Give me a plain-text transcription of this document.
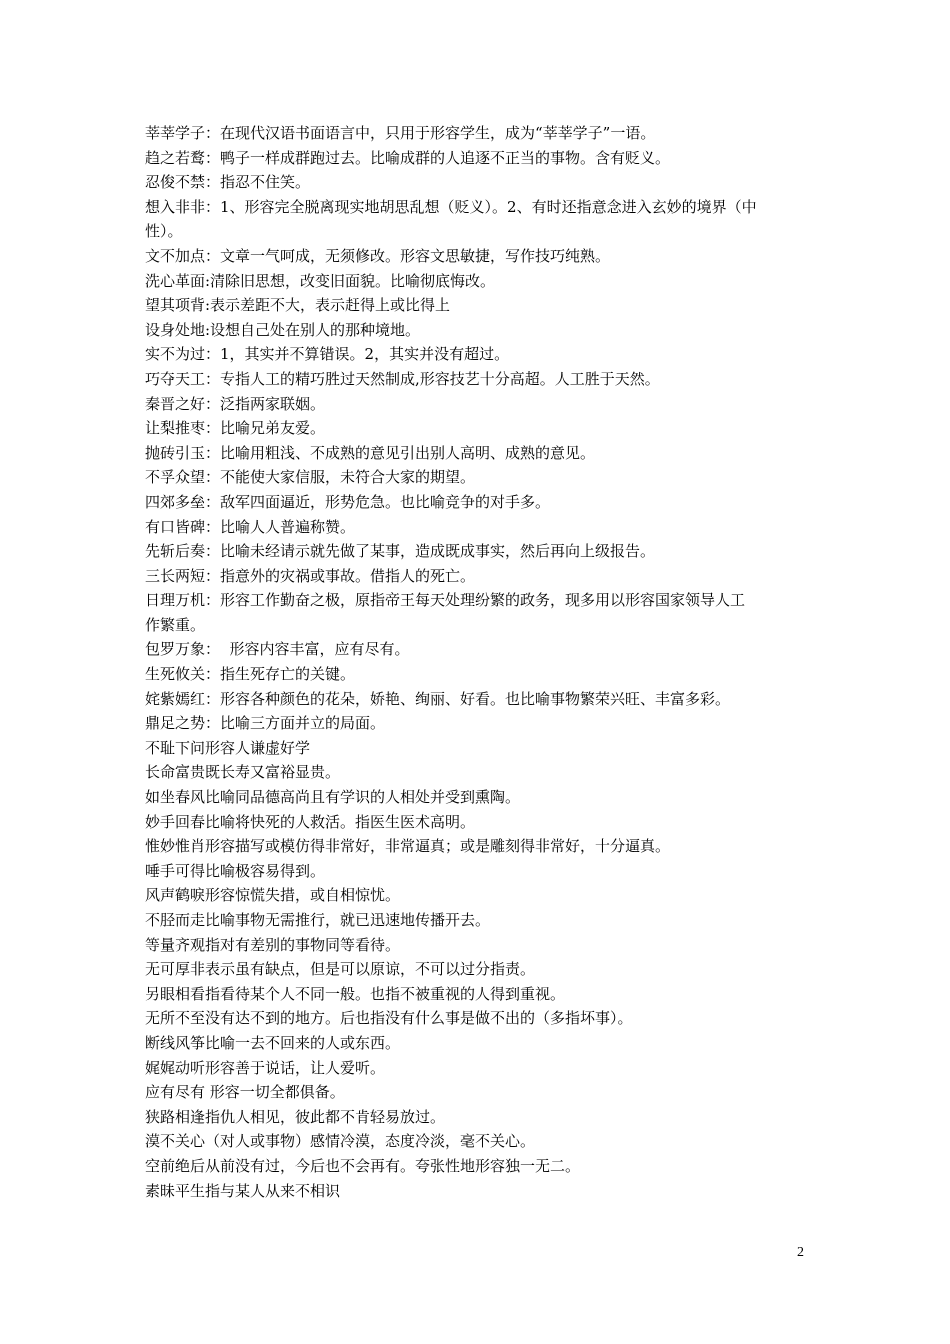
莘莘学子：在现代汉语书面语言中，只用于形容学生，成为“莘莘学子”一语。

趋之若鹜：鸭子一样成群跑过去。比喻成群的人追逐不正当的事物。含有贬义。

忍俊不禁：指忍不住笑。

想入非非：1、形容完全脱离现实地胡思乱想（贬义）。2、有时还指意念进入玄妙的境界（中

性）。

文不加点：文章一气呵成，无须修改。形容文思敏捷，写作技巧纯熟。

洗心革面:清除旧思想，改变旧面貌。比喻彻底悔改。

望其项背:表示差距不大，表示赶得上或比得上

设身处地:设想自己处在别人的那种境地。

实不为过：1，其实并不算错误。2，其实并没有超过。

巧夺天工：专指人工的精巧胜过天然制成,形容技艺十分高超。人工胜于天然。

秦晋之好：泛指两家联姻。

让梨推枣：比喻兄弟友爱。

抛砖引玉：比喻用粗浅、不成熟的意见引出别人高明、成熟的意见。

不孚众望：不能使大家信服，未符合大家的期望。

四郊多垒：敌军四面逼近，形势危急。也比喻竞争的对手多。

有口皆碑：比喻人人普遍称赞。

先斩后奏：比喻未经请示就先做了某事，造成既成事实，然后再向上级报告。

三长两短：指意外的灾祸或事故。借指人的死亡。

日理万机：形容工作勤奋之极，原指帝王每天处理纷繁的政务，现多用以形容国家领导人工

作繁重。

包罗万象：  形容内容丰富，应有尽有。

生死攸关：指生死存亡的关键。

姹紫嫣红：形容各种颜色的花朵，娇艳、绚丽、好看。也比喻事物繁荣兴旺、丰富多彩。

鼎足之势：比喻三方面并立的局面。

不耻下问形容人谦虚好学

长命富贵既长寿又富裕显贵。

如坐春风比喻同品德高尚且有学识的人相处并受到熏陶。

妙手回春比喻将快死的人救活。指医生医术高明。

惟妙惟肖形容描写或模仿得非常好，非常逼真；或是雕刻得非常好，十分逼真。

唾手可得比喻极容易得到。

风声鹤唳形容惊慌失措，或自相惊忧。

不胫而走比喻事物无需推行，就已迅速地传播开去。

等量齐观指对有差别的事物同等看待。

无可厚非表示虽有缺点，但是可以原谅，不可以过分指责。

另眼相看指看待某个人不同一般。也指不被重视的人得到重视。

无所不至没有达不到的地方。后也指没有什么事是做不出的（多指坏事）。

断线风筝比喻一去不回来的人或东西。

娓娓动听形容善于说话，让人爱听。

应有尽有 形容一切全都俱备。

狭路相逢指仇人相见，彼此都不肯轻易放过。

漠不关心（对人或事物）感情冷漠，态度冷淡，毫不关心。

空前绝后从前没有过，今后也不会再有。夸张性地形容独一无二。

素昧平生指与某人从来不相识

2
